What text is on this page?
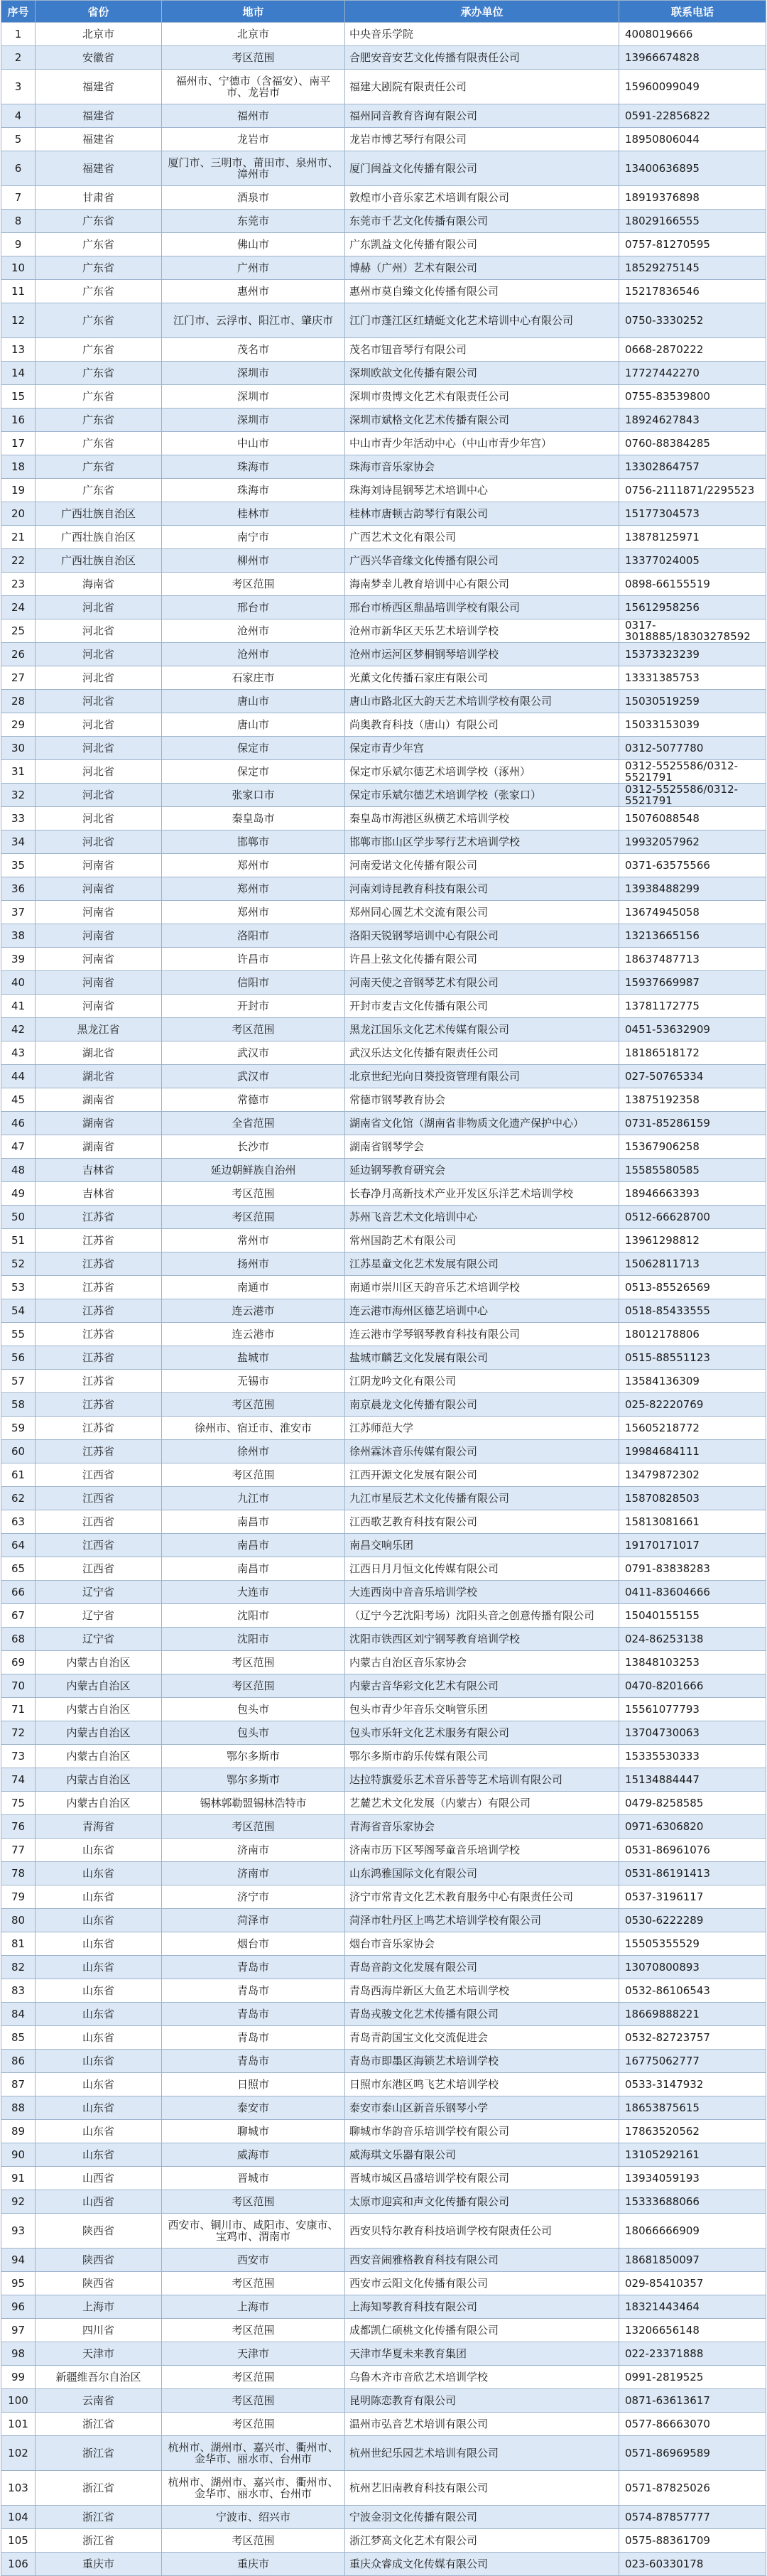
序号	省份	地市	承办单位	联系电话
1	北京市	北京市	中央音乐学院	4008019666
2	安徽省	考区范围	合肥安音安艺文化传播有限责任公司	13966674828
3	福建省	福州市、宁德市（含福安）、南平市、龙岩市	福建大剧院有限责任公司	15960099049
4	福建省	福州市	福州同音教育咨询有限公司	0591-22856822
5	福建省	龙岩市	龙岩市博艺琴行有限公司	18950806044
6	福建省	厦门市、三明市、莆田市、泉州市、漳州市	厦门闽益文化传播有限公司	13400636895
7	甘肃省	酒泉市	敦煌市小音乐家艺术培训有限公司	18919376898
8	广东省	东莞市	东莞市千艺文化传播有限公司	18029166555
9	广东省	佛山市	广东凯益文化传播有限公司	0757-81270595
10	广东省	广州市	博赫（广州）艺术有限公司	18529275145
11	广东省	惠州市	惠州市莫自臻文化传播有限公司	15217836546
12	广东省	江门市、云浮市、阳江市、肇庆市	江门市蓬江区红蜻蜓文化艺术培训中心有限公司	0750-3330252
13	广东省	茂名市	茂名市钮音琴行有限公司	0668-2870222
14	广东省	深圳市	深圳欧歆文化传播有限公司	17727442270
15	广东省	深圳市	深圳市贵博文化艺术有限责任公司	0755-83539800
16	广东省	深圳市	深圳市斌格文化艺术传播有限公司	18924627843
17	广东省	中山市	中山市青少年活动中心（中山市青少年宫）	0760-88384285
18	广东省	珠海市	珠海市音乐家协会	13302864757
19	广东省	珠海市	珠海刘诗昆钢琴艺术培训中心	0756-2111871/2295523
20	广西壮族自治区	桂林市	桂林市唐顿古韵琴行有限公司	15177304573
21	广西壮族自治区	南宁市	广西艺术文化有限公司	13878125971
22	广西壮族自治区	柳州市	广西兴华音缘文化传播有限公司	13377024005
23	海南省	考区范围	海南梦幸儿教育培训中心有限公司	0898-66155519
24	河北省	邢台市	邢台市桥西区鼎晶培训学校有限公司	15612958256
25	河北省	沧州市	沧州市新华区天乐艺术培训学校	0317-3018885/18303278592
26	河北省	沧州市	沧州市运河区梦桐钢琴培训学校	15373323239
27	河北省	石家庄市	光薰文化传播石家庄有限公司	13331385753
28	河北省	唐山市	唐山市路北区大韵天艺术培训学校有限公司	15030519259
29	河北省	唐山市	尚奥教育科技（唐山）有限公司	15033153039
30	河北省	保定市	保定市青少年宫	0312-5077780
31	河北省	保定市	保定市乐斌尔德艺术培训学校（涿州）	0312-5525586/0312-5521791
32	河北省	张家口市	保定市乐斌尔德艺术培训学校（张家口）	0312-5525586/0312-5521791
33	河北省	秦皇岛市	秦皇岛市海港区纵横艺术培训学校	15076088548
34	河北省	邯郸市	邯郸市邯山区学步琴行艺术培训学校	19932057962
35	河南省	郑州市	河南爱诺文化传播有限公司	0371-63575566
36	河南省	郑州市	河南刘诗昆教育科技有限公司	13938488299
37	河南省	郑州市	郑州同心圆艺术交流有限公司	13674945058
38	河南省	洛阳市	洛阳天锐钢琴培训中心有限公司	13213665156
39	河南省	许昌市	许昌上弦文化传播有限公司	18637487713
40	河南省	信阳市	河南天使之音钢琴艺术有限公司	15937669987
41	河南省	开封市	开封市麦吉文化传播有限公司	13781172775
42	黑龙江省	考区范围	黑龙江国乐文化艺术传媒有限公司	0451-53632909
43	湖北省	武汉市	武汉乐达文化传播有限责任公司	18186518172
44	湖北省	武汉市	北京世纪光向日葵投资管理有限公司	027-50765334
45	湖南省	常德市	常德市钢琴教育协会	13875192358
46	湖南省	全省范围	湖南省文化馆（湖南省非物质文化遗产保护中心）	0731-85286159
47	湖南省	长沙市	湖南省钢琴学会	15367906258
48	吉林省	延边朝鲜族自治州	延边钢琴教育研究会	15585580585
49	吉林省	考区范围	长春净月高新技术产业开发区乐洋艺术培训学校	18946663393
50	江苏省	考区范围	苏州飞音艺术文化培训中心	0512-66628700
51	江苏省	常州市	常州国韵艺术有限公司	13961298812
52	江苏省	扬州市	江苏星童文化艺术发展有限公司	15062811713
53	江苏省	南通市	南通市崇川区天韵音乐艺术培训学校	0513-85526569
54	江苏省	连云港市	连云港市海州区德艺培训中心	0518-85433555
55	江苏省	连云港市	连云港市学琴钢琴教育科技有限公司	18012178806
56	江苏省	盐城市	盐城市麟艺文化发展有限公司	0515-88551123
57	江苏省	无锡市	江阴龙吟文化有限公司	13584136309
58	江苏省	考区范围	南京晨龙文化传播有限公司	025-82220769
59	江苏省	徐州市、宿迁市、淮安市	江苏师范大学	15605218772
60	江苏省	徐州市	徐州霖沐音乐传媒有限公司	19984684111
61	江西省	考区范围	江西开源文化发展有限公司	13479872302
62	江西省	九江市	九江市星辰艺术文化传播有限公司	15870828503
63	江西省	南昌市	江西歌艺教育科技有限公司	15813081661
64	江西省	南昌市	南昌交响乐团	19170171017
65	江西省	南昌市	江西日月月恒文化传媒有限公司	0791-83838283
66	辽宁省	大连市	大连西岗中音音乐培训学校	0411-83604666
67	辽宁省	沈阳市	（辽宁今艺沈阳考场）沈阳头音之创意传播有限公司	15040155155
68	辽宁省	沈阳市	沈阳市铁西区刘宁钢琴教育培训学校	024-86253138
69	内蒙古自治区	考区范围	内蒙古自治区音乐家协会	13848103253
70	内蒙古自治区	考区范围	内蒙古音华彩文化艺术有限公司	0470-8201666
71	内蒙古自治区	包头市	包头市青少年音乐交响管乐团	15561077793
72	内蒙古自治区	包头市	包头市乐轩文化艺术服务有限公司	13704730063
73	内蒙古自治区	鄂尔多斯市	鄂尔多斯市韵乐传媒有限公司	15335530333
74	内蒙古自治区	鄂尔多斯市	达拉特旗爱乐艺术音乐普等艺术培训有限公司	15134884447
75	内蒙古自治区	锡林郭勒盟锡林浩特市	艺麓艺术文化发展（内蒙古）有限公司	0479-8258585
76	青海省	考区范围	青海省音乐家协会	0971-6306820
77	山东省	济南市	济南市历下区琴阁琴童音乐培训学校	0531-86961076
78	山东省	济南市	山东鸿雅国际文化有限公司	0531-86191413
79	山东省	济宁市	济宁市常青文化艺术教育服务中心有限责任公司	0537-3196117
80	山东省	菏泽市	菏泽市牡丹区上鸣艺术培训学校有限公司	0530-6222289
81	山东省	烟台市	烟台市音乐家协会	15505355529
82	山东省	青岛市	青岛音韵文化发展有限公司	13070800893
83	山东省	青岛市	青岛西海岸新区大鱼艺术培训学校	0532-86106543
84	山东省	青岛市	青岛戎骏文化艺术传播有限公司	18669888221
85	山东省	青岛市	青岛青韵国宝文化交流促进会	0532-82723757
86	山东省	青岛市	青岛市即墨区海锁艺术培训学校	16775062777
87	山东省	日照市	日照市东港区鸣飞艺术培训学校	0533-3147932
88	山东省	泰安市	泰安市泰山区新音乐钢琴小学	18653875615
89	山东省	聊城市	聊城市华韵音乐培训学校有限公司	17863520562
90	山东省	威海市	威海琪文乐器有限公司	13105292161
91	山西省	晋城市	晋城市城区昌盛培训学校有限公司	13934059193
92	山西省	考区范围	太原市迎宾和声文化传播有限公司	15333688066
93	陕西省	西安市、铜川市、咸阳市、安康市、宝鸡市、渭南市	西安贝特尔教育科技培训学校有限责任公司	18066666909
94	陕西省	西安市	西安音闹雅格教育科技有限公司	18681850097
95	陕西省	考区范围	西安市云阳文化传播有限公司	029-85410357
96	上海市	上海市	上海知琴教育科技有限公司	18321443464
97	四川省	考区范围	成都凯仁硕桃文化传播有限公司	13206656148
98	天津市	天津市	天津市华夏未来教育集团	022-23371888
99	新疆维吾尔自治区	考区范围	乌鲁木齐市音欣艺术培训学校	0991-2819525
100	云南省	考区范围	昆明陈恋教育有限公司	0871-63613617
101	浙江省	考区范围	温州市弘音艺术培训有限公司	0577-86663070
102	浙江省	杭州市、湖州市、嘉兴市、衢州市、金华市、丽水市、台州市	杭州世纪乐园艺术培训有限公司	0571-86969589
103	浙江省	杭州市、湖州市、嘉兴市、衢州市、金华市、丽水市、台州市	杭州艺旧南教育科技有限公司	0571-87825026
104	浙江省	宁波市、绍兴市	宁波金羽文化传播有限公司	0574-87857777
105	浙江省	考区范围	浙江梦高文化艺术有限公司	0575-88361709
106	重庆市	重庆市	重庆众睿成文化传媒有限公司	023-60330178
